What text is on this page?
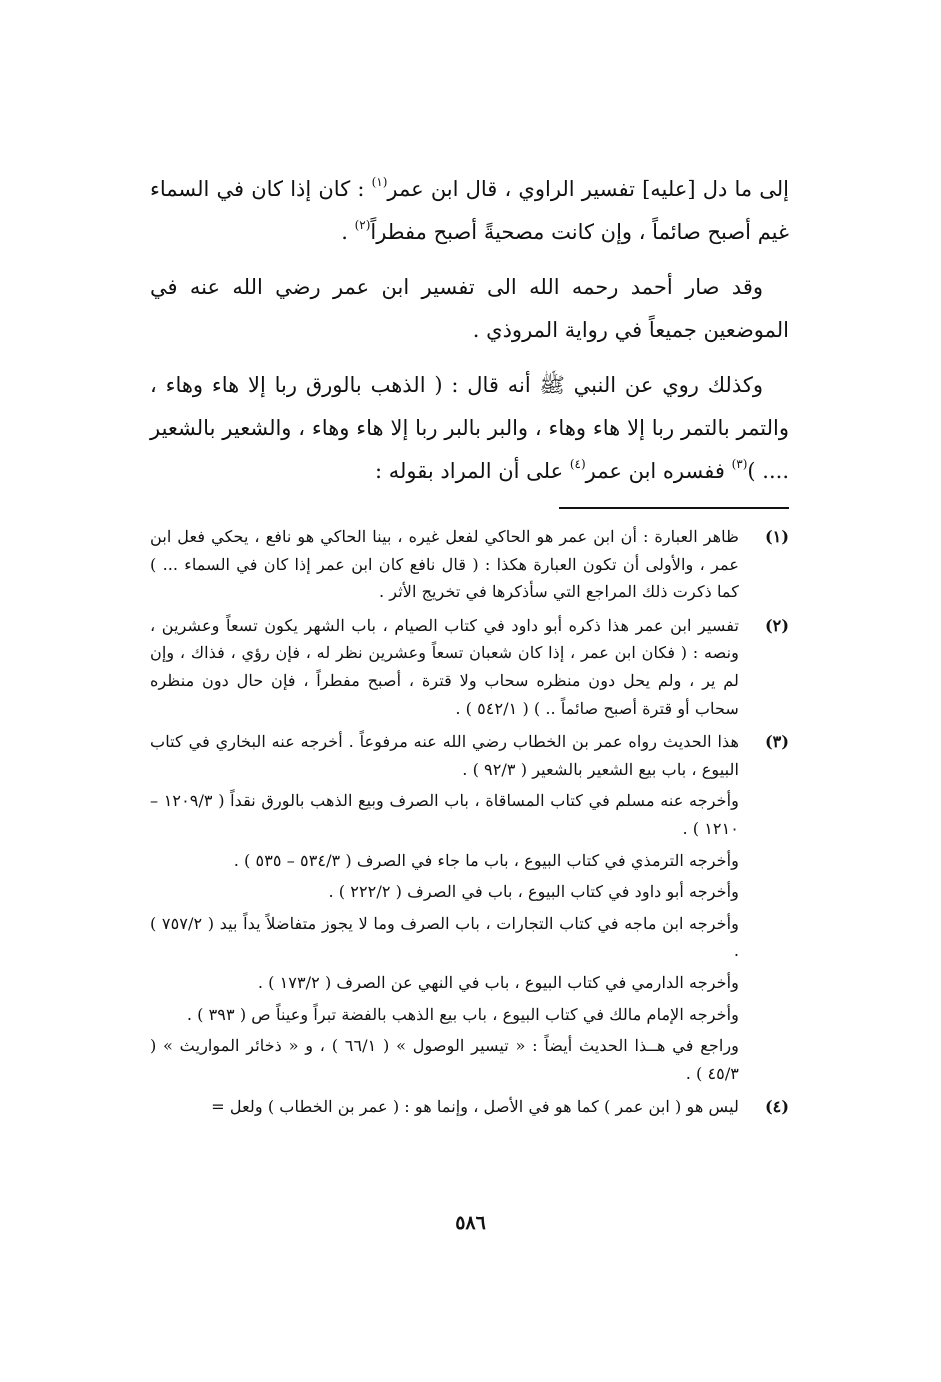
إلى ما دل [عليه] تفسير الراوي ، قال ابن عمر$^{(١)}$ : كان إذا كان في السماء غيم أصبح صائماً ، وإن كانت مصحيةً أصبح مفطراً$^{(٢)}$ .

وقد صار أحمد رحمه الله الى تفسير ابن عمر رضي الله عنه في الموضعين جميعاً في رواية المروذي .

وكذلك روي عن النبي ﷺ أنه قال : ( الذهب بالورق ربا إلا هاء وهاء ، والتمر بالتمر ربا إلا هاء وهاء ، والبر بالبر ربا إلا هاء وهاء ، والشعير بالشعير .... )$^{(٣)}$ ففسره ابن عمر$^{(٤)}$ على أن المراد بقوله :

(١)

ظاهر العبارة : أن ابن عمر هو الحاكي لفعل غيره ، بينا الحاكي هو نافع ، يحكي فعل ابن عمر ، والأولى أن تكون العبارة هكذا : ( قال نافع كان ابن عمر إذا كان في السماء ... ) كما ذكرت ذلك المراجع التي سأذكرها في تخريج الأثر .

(٢)

تفسير ابن عمر هذا ذكره أبو داود في كتاب الصيام ، باب الشهر يكون تسعاً وعشرين ، ونصه : ( فكان ابن عمر ، إذا كان شعبان تسعاً وعشرين نظر له ، فإن رؤي ، فذاك ، وإن لم ير ، ولم يحل دون منظره سحاب ولا قترة ، أصبح مفطراً ، فإن حال دون منظره سحاب أو قترة أصبح صائماً .. ) ( ٥٤٢/١ ) .

(٣)

هذا الحديث رواه عمر بن الخطاب رضي الله عنه مرفوعاً . أخرجه عنه البخاري في كتاب البيوع ، باب بيع الشعير بالشعير ( ٩٢/٣ ) .

وأخرجه عنه مسلم في كتاب المساقاة ، باب الصرف وبيع الذهب بالورق نقداً ( ١٢٠٩/٣ – ١٢١٠ ) .

وأخرجه الترمذي في كتاب البيوع ، باب ما جاء في الصرف ( ٥٣٤/٣ – ٥٣٥ ) .

وأخرجه أبو داود في كتاب البيوع ، باب في الصرف ( ٢٢٢/٢ ) .

وأخرجه ابن ماجه في كتاب التجارات ، باب الصرف وما لا يجوز متفاضلاً يداً بيد ( ٧٥٧/٢ ) .

وأخرجه الدارمي في كتاب البيوع ، باب في النهي عن الصرف ( ١٧٣/٢ ) .

وأخرجه الإمام مالك في كتاب البيوع ، باب بيع الذهب بالفضة تبراً وعيناً ص ( ٣٩٣ ) .

وراجع في هــذا الحديث أيضاً : « تيسير الوصول » ( ٦٦/١ ) ، و « ذخائر المواريث » ( ٤٥/٣ ) .

(٤)

ليس هو ( ابن عمر ) كما هو في الأصل ، وإنما هو : ( عمر بن الخطاب ) ولعل =

٥٨٦
